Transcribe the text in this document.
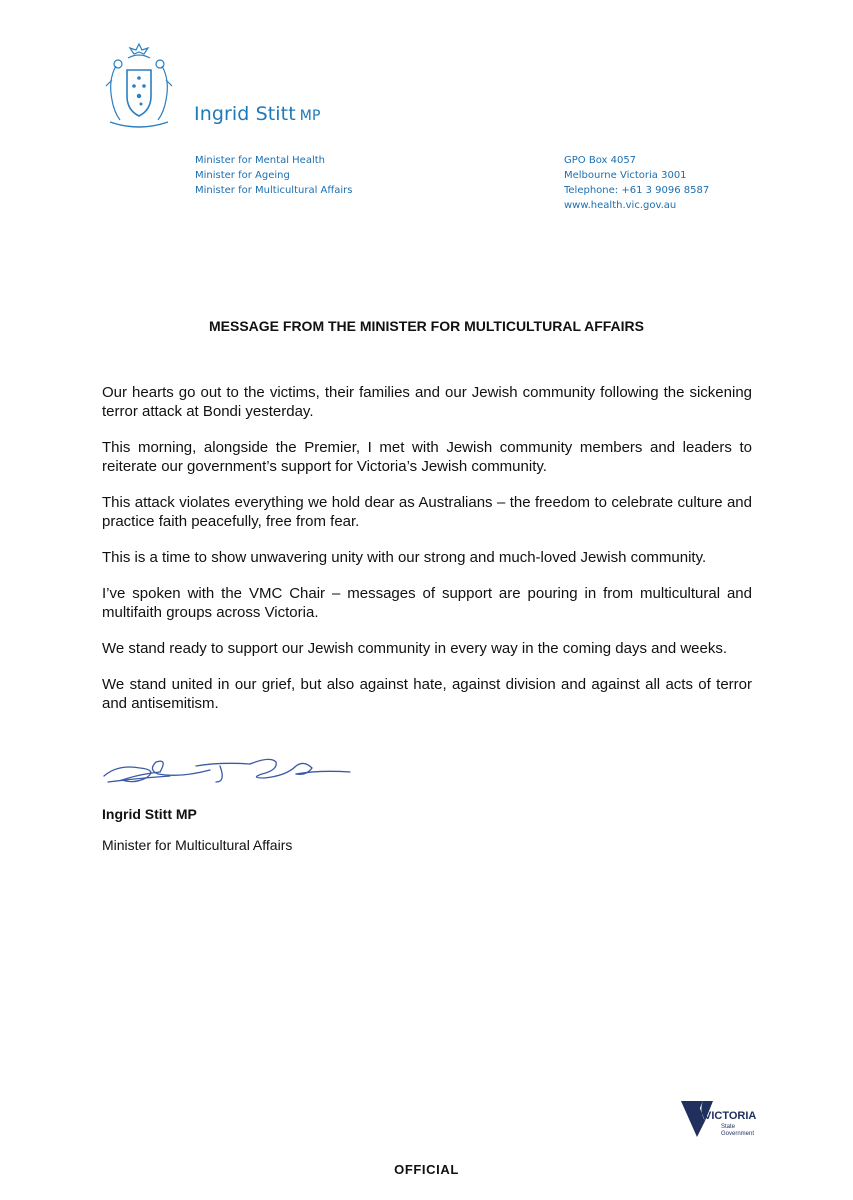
Ingrid Stitt MP
Minister for Mental Health
Minister for Ageing
Minister for Multicultural Affairs
GPO Box 4057
Melbourne Victoria 3001
Telephone: +61 3 9096 8587
www.health.vic.gov.au
MESSAGE FROM THE MINISTER FOR MULTICULTURAL AFFAIRS

Our hearts go out to the victims, their families and our Jewish community following the sickening terror attack at Bondi yesterday.

This morning, alongside the Premier, I met with Jewish community members and leaders to reiterate our government’s support for Victoria’s Jewish community.

This attack violates everything we hold dear as Australians – the freedom to celebrate culture and practice faith peacefully, free from fear.

This is a time to show unwavering unity with our strong and much-loved Jewish community.

I’ve spoken with the VMC Chair – messages of support are pouring in from multicultural and multifaith groups across Victoria.

We stand ready to support our Jewish community in every way in the coming days and weeks.

We stand united in our grief, but also against hate, against division and against all acts of terror and antisemitism.

Ingrid Stitt MP
Minister for Multicultural Affairs
VICTORIA
State
Government
OFFICIAL
